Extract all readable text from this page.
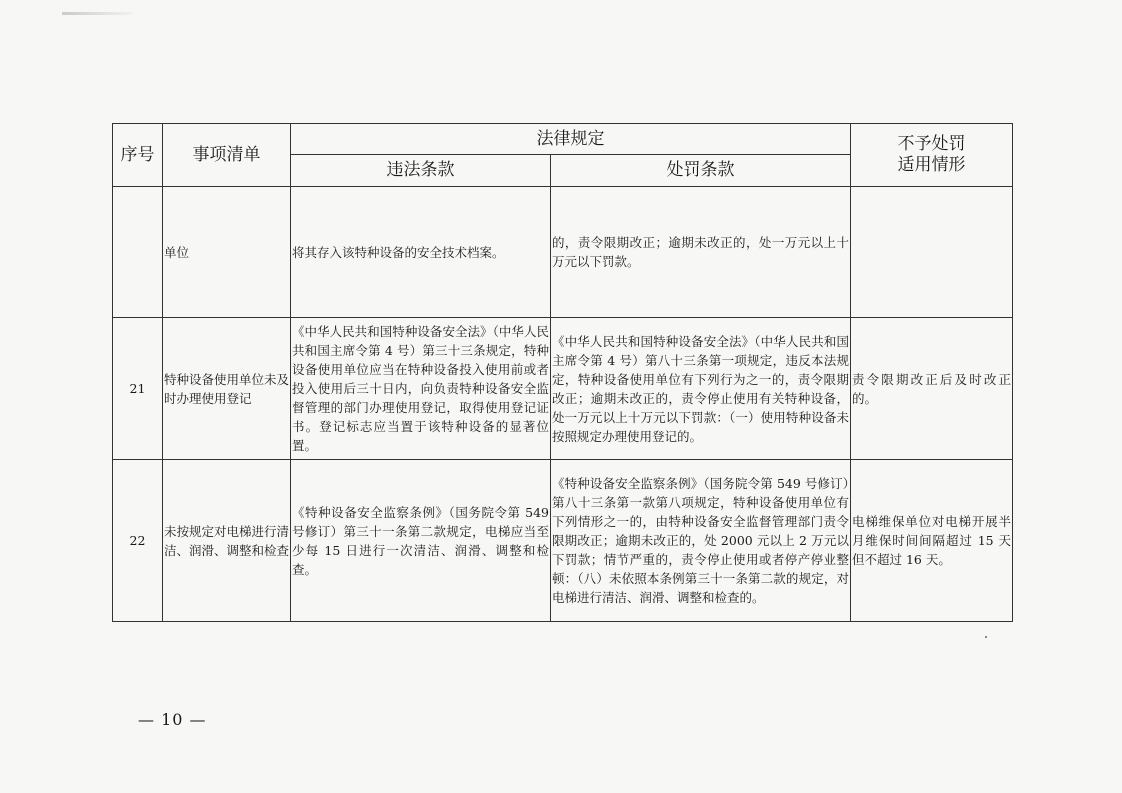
序号	事项清单	法律规定		不予处罚
适用情形
		违法条款	处罚条款	
	单位	将其存入该特种设备的安全技术档案。	的，责令限期改正；逾期未改正的，处一万元以上十万元以下罚款。	
21	特种设备使用单位未及时办理使用登记	《中华人民共和国特种设备安全法》（中华人民共和国主席令第 4 号）第三十三条规定，特种设备使用单位应当在特种设备投入使用前或者投入使用后三十日内，向负责特种设备安全监督管理的部门办理使用登记，取得使用登记证书。登记标志应当置于该特种设备的显著位置。	《中华人民共和国特种设备安全法》（中华人民共和国主席令第 4 号）第八十三条第一项规定，违反本法规定，特种设备使用单位有下列行为之一的，责令限期改正；逾期未改正的，责令停止使用有关特种设备，处一万元以上十万元以下罚款：（一）使用特种设备未按照规定办理使用登记的。	责令限期改正后及时改正的。
22	未按规定对电梯进行清洁、润滑、调整和检查	《特种设备安全监察条例》（国务院令第 549 号修订）第三十一条第二款规定，电梯应当至少每 15 日进行一次清洁、润滑、调整和检查。	《特种设备安全监察条例》（国务院令第 549 号修订）第八十三条第一款第八项规定，特种设备使用单位有下列情形之一的，由特种设备安全监督管理部门责令限期改正；逾期未改正的，处 2000 元以上 2 万元以下罚款；情节严重的，责令停止使用或者停产停业整顿：（八）未依照本条例第三十一条第二款的规定，对电梯进行清洁、润滑、调整和检查的。	电梯维保单位对电梯开展半月维保时间间隔超过 15 天但不超过 16 天。
— 10 —
